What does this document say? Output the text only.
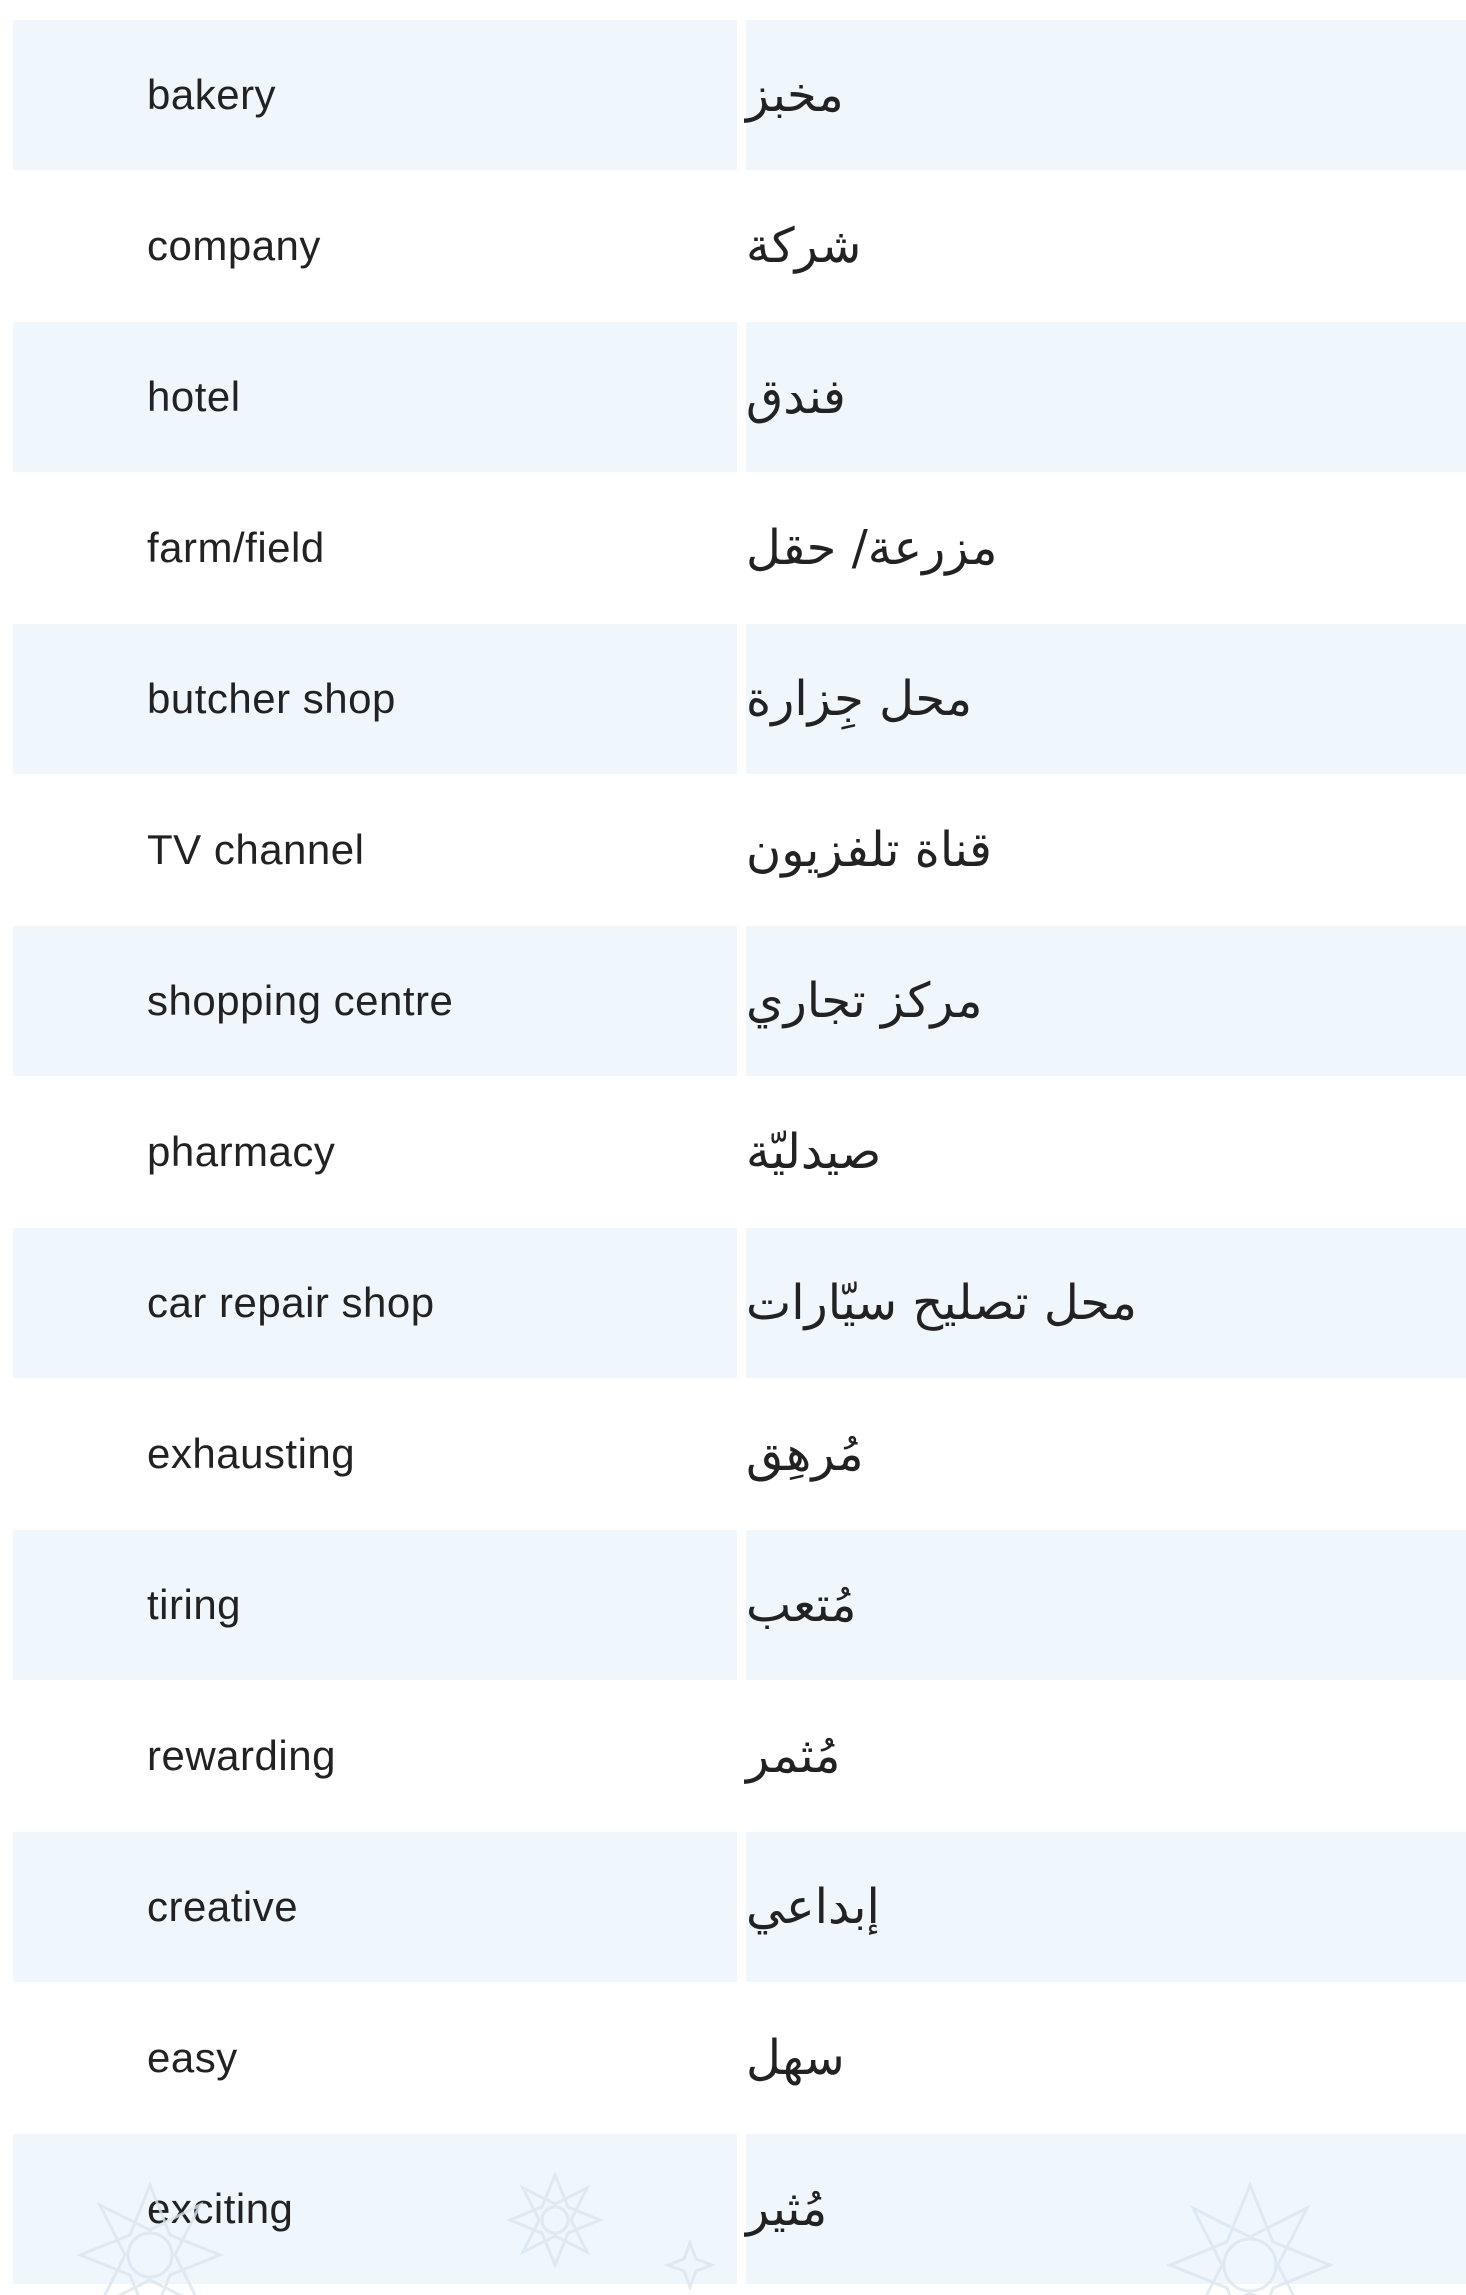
bakery	مخبز
company	شركة
hotel	فندق
farm/field	مزرعة/ حقل
butcher shop	محل جِزارة
TV channel	قناة تلفزيون
shopping centre	مركز تجاري
pharmacy	صيدليّة
car repair shop	محل تصليح سيّارات
exhausting	مُرهِق
tiring	مُتعب
rewarding	مُثمر
creative	إبداعي
easy	سهل
exciting	مُثير
